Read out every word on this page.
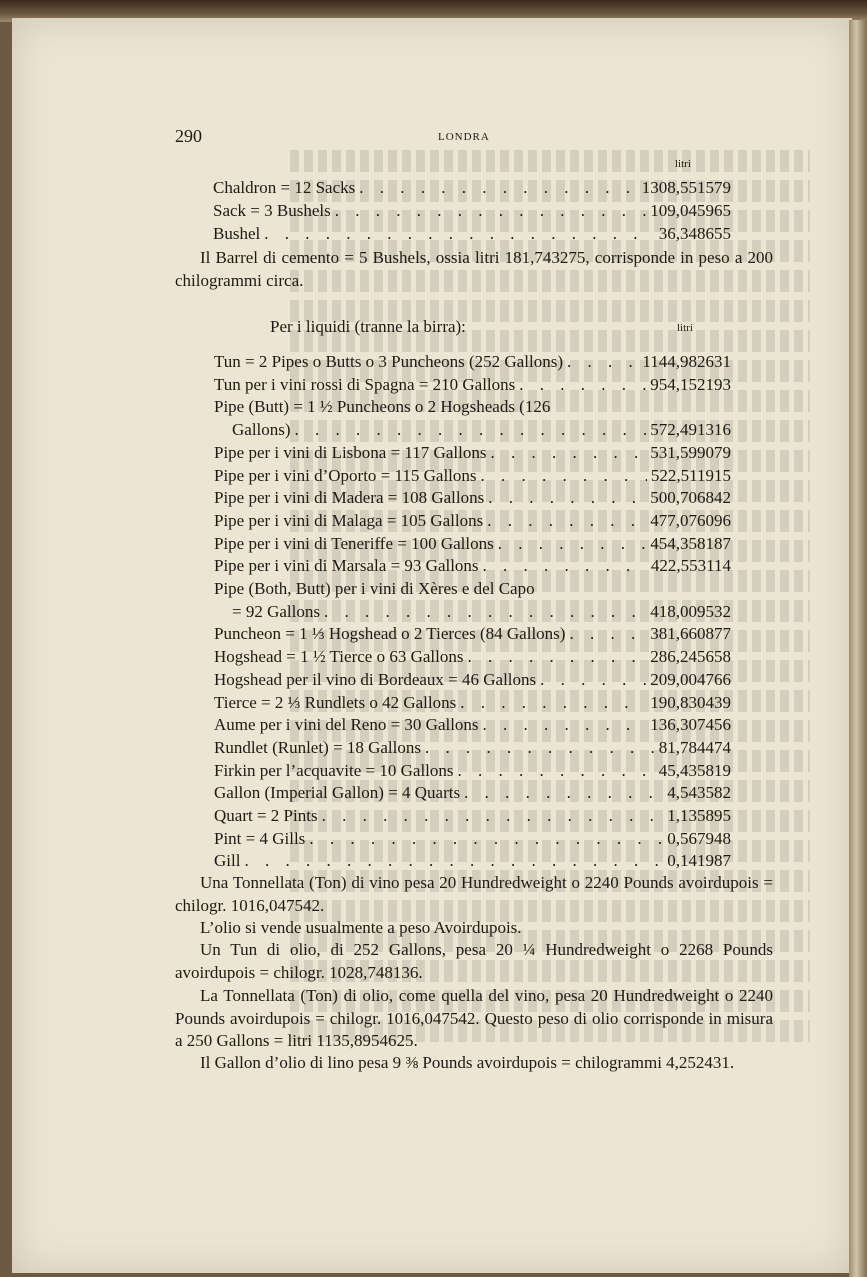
290	LONDRA
litri
Chaldron = 12 Sacks . . .	1308,551579
Sack = 3 Bushels . . .	109,045965
Bushel . . .	36,348655
Il Barrel di cemento = 5 Bushels, ossia litri 181,743275, corrisponde in peso a 200 chilogrammi circa.
Per i liquidi (tranne la birra):	litri
Tun = 2 Pipes o Butts o 3 Puncheons (252 Gallons) . . .	1144,982631
Tun per i vini rossi di Spagna = 210 Gallons . . .	954,152193
Pipe (Butt) = 1 ½ Puncheons o 2 Hogsheads (126
Gallons) . . .	572,491316
Pipe per i vini di Lisbona = 117 Gallons . . .	531,599079
Pipe per i vini d’Oporto = 115 Gallons . . .	522,511915
Pipe per i vini di Madera = 108 Gallons . . .	500,706842
Pipe per i vini di Malaga = 105 Gallons . . .	477,076096
Pipe per i vini di Teneriffe = 100 Gallons . . .	454,358187
Pipe per i vini di Marsala = 93 Gallons . . .	422,553114
Pipe (Both, Butt) per i vini di Xères e del Capo
= 92 Gallons . . .	418,009532
Puncheon = 1 ⅓ Hogshead o 2 Tierces (84 Gallons) . . .	381,660877
Hogshead = 1 ½ Tierce o 63 Gallons . . .	286,245658
Hogshead per il vino di Bordeaux = 46 Gallons . . .	209,004766
Tierce = 2 ⅓ Rundlets o 42 Gallons . . .	190,830439
Aume per i vini del Reno = 30 Gallons . . .	136,307456
Rundlet (Runlet) = 18 Gallons . . .	81,784474
Firkin per l’acquavite = 10 Gallons . . .	45,435819
Gallon (Imperial Gallon) = 4 Quarts . . .	4,543582
Quart = 2 Pints . . .	1,135895
Pint = 4 Gills . . .	0,567948
Gill . . .	0,141987
Una Tonnellata (Ton) di vino pesa 20 Hundredweight o 2240 Pounds avoirdupois = chilogr. 1016,047542.
L’olio si vende usualmente a peso Avoirdupois.
Un Tun di olio, di 252 Gallons, pesa 20 ¼ Hundredweight o 2268 Pounds avoirdupois = chilogr. 1028,748136.
La Tonnellata (Ton) di olio, come quella del vino, pesa 20 Hundredweight o 2240 Pounds avoirdupois = chilogr. 1016,047542. Questo peso di olio corrisponde in misura a 250 Gallons = litri 1135,8954625.
Il Gallon d’olio di lino pesa 9 ⅜ Pounds avoirdupois = chilogrammi 4,252431.
